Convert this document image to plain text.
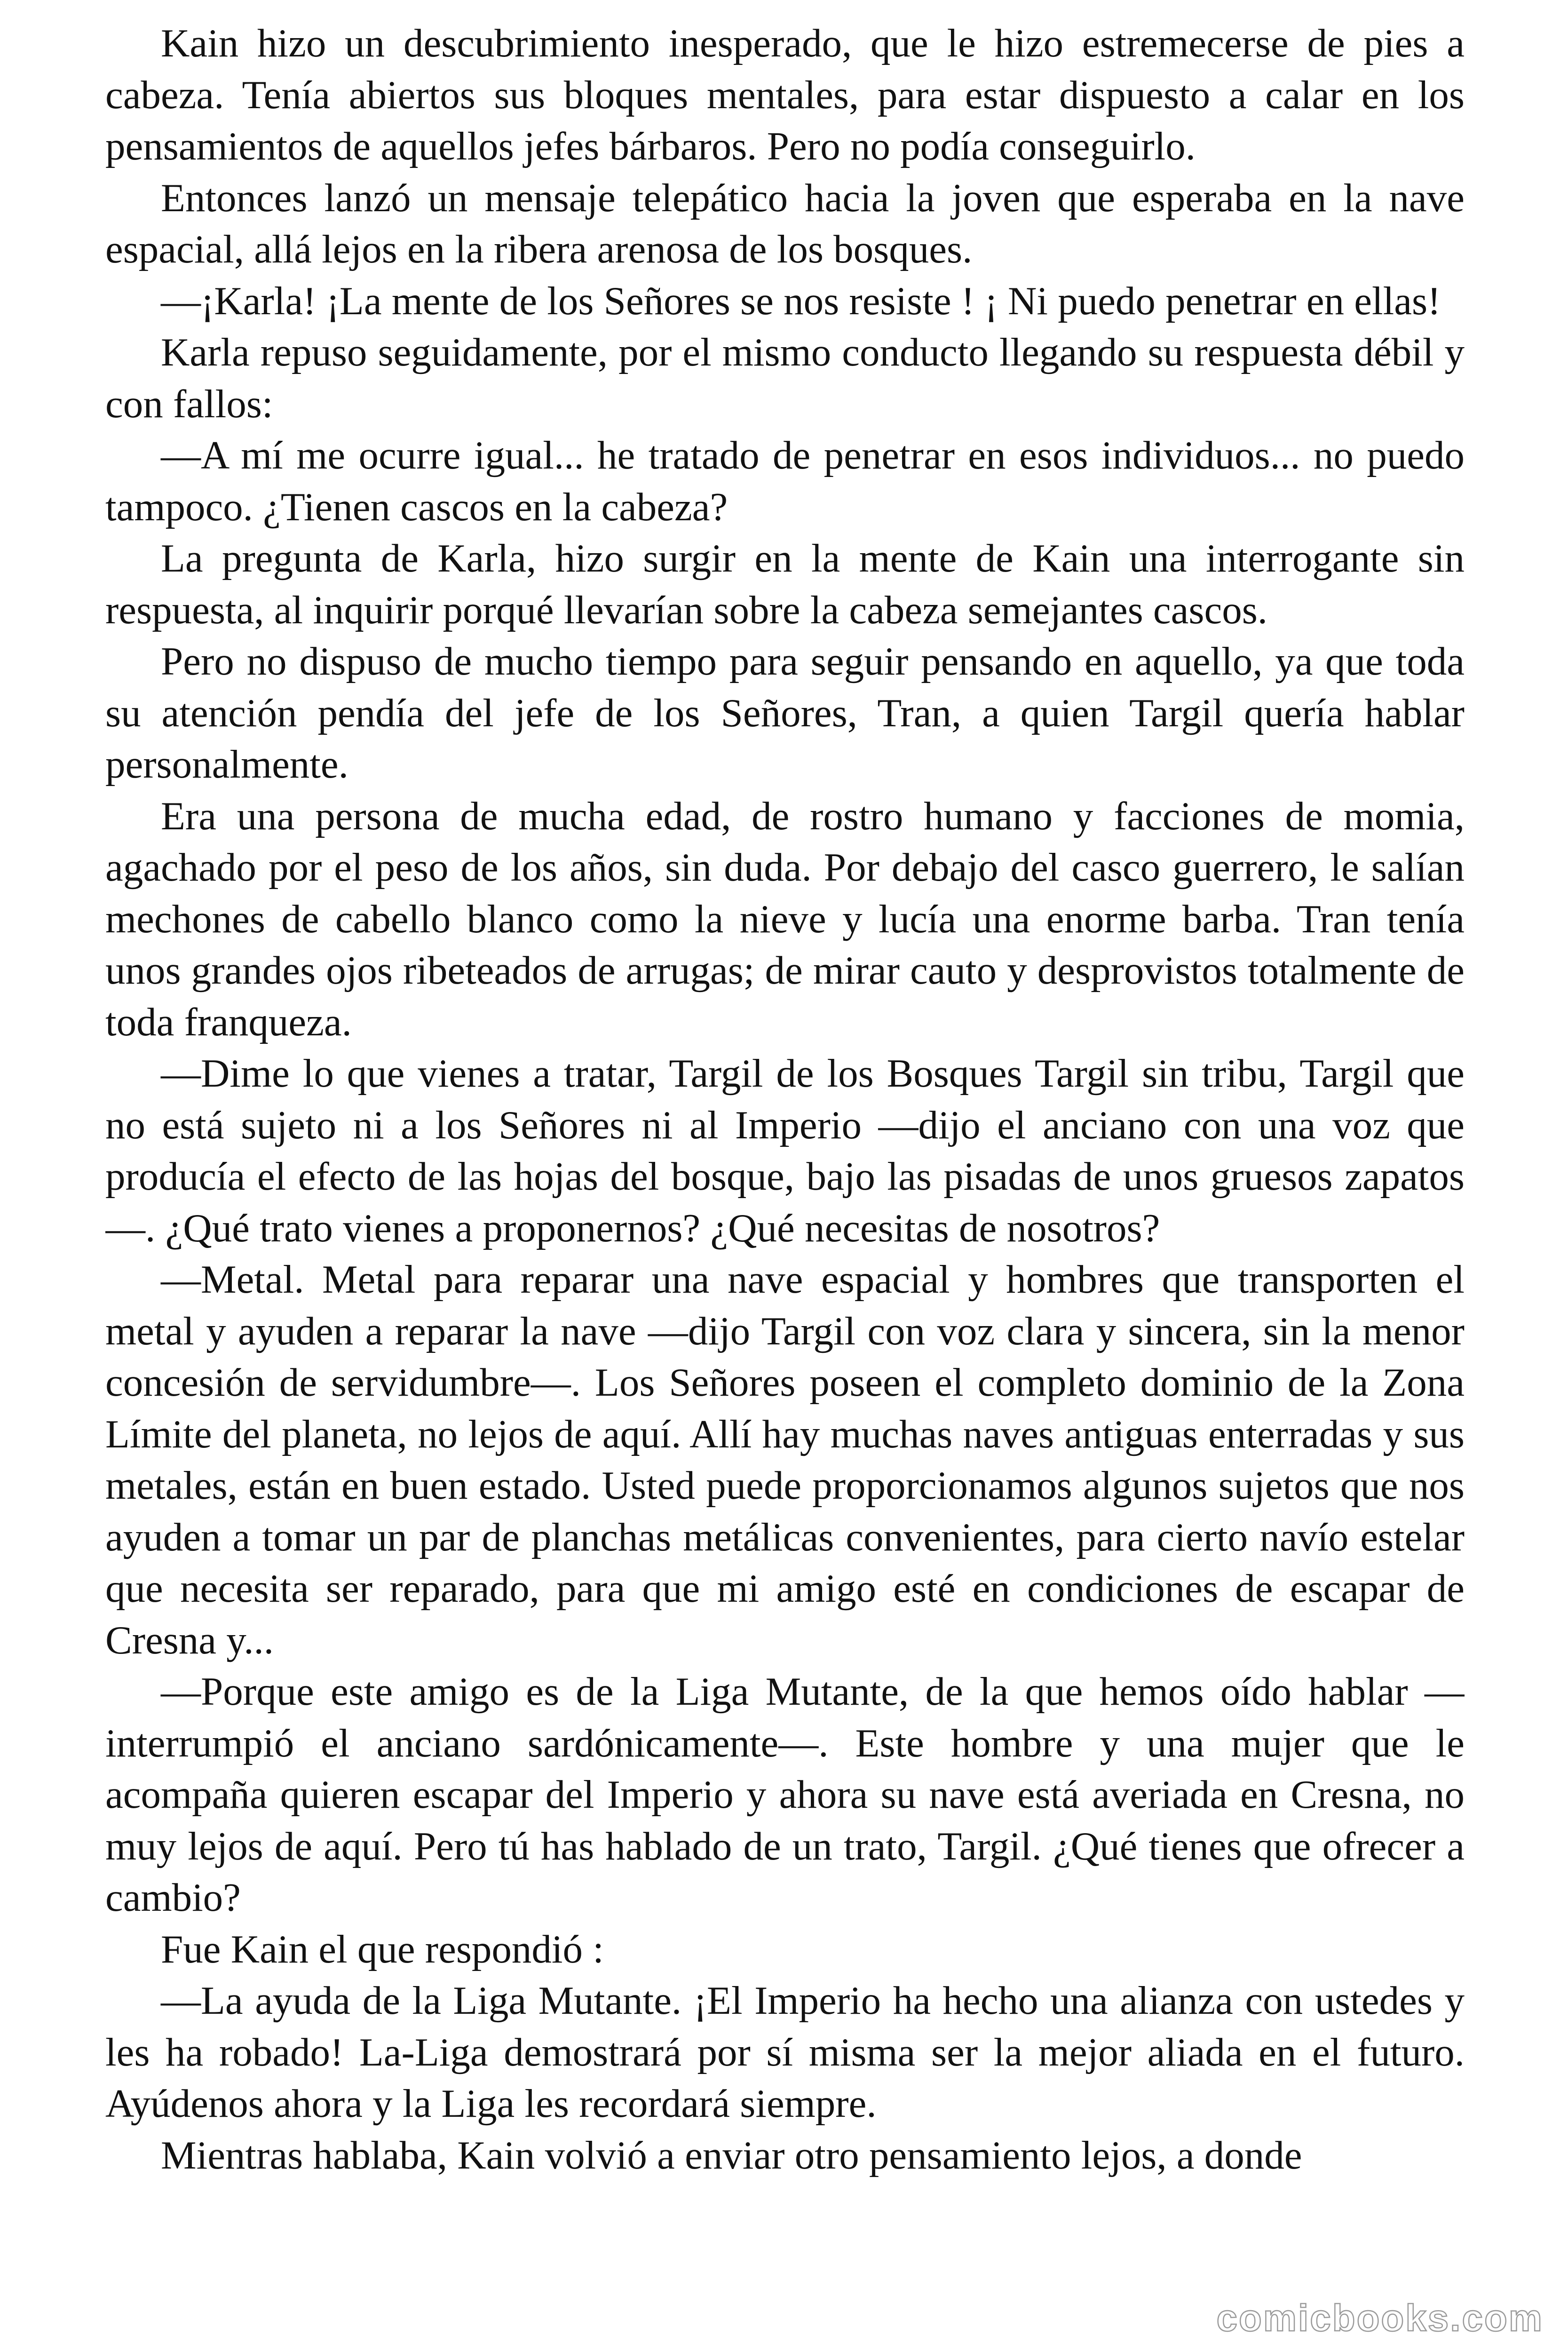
Kain hizo un descubrimiento inesperado, que le hizo estremecerse de pies a cabeza. Tenía abiertos sus bloques mentales, para estar dispuesto a calar en los pensamientos de aquellos jefes bárbaros. Pero no podía conseguirlo.

Entonces lanzó un mensaje telepático hacia la joven que esperaba en la nave espacial, allá lejos en la ribera arenosa de los bosques.

—¡Karla! ¡La mente de los Señores se nos resiste ! ¡ Ni puedo penetrar en ellas!

Karla repuso seguidamente, por el mismo conducto llegando su respuesta débil y con fallos:

—A mí me ocurre igual... he tratado de penetrar en esos individuos... no puedo tampoco. ¿Tienen cascos en la cabeza?

La pregunta de Karla, hizo surgir en la mente de Kain una interrogante sin respuesta, al inquirir porqué llevarían sobre la cabeza semejantes cascos.

Pero no dispuso de mucho tiempo para seguir pensando en aquello, ya que toda su atención pendía del jefe de los Señores, Tran, a quien Targil quería hablar personalmente.

Era una persona de mucha edad, de rostro humano y facciones de momia, agachado por el peso de los años, sin duda. Por debajo del casco guerrero, le salían mechones de cabello blanco como la nieve y lucía una enorme barba. Tran tenía unos grandes ojos ribeteados de arrugas; de mirar cauto y desprovistos totalmente de toda franqueza.

—Dime lo que vienes a tratar, Targil de los Bosques Targil sin tribu, Targil que no está sujeto ni a los Señores ni al Imperio —dijo el anciano con una voz que producía el efecto de las hojas del bosque, bajo las pisadas de unos gruesos zapatos—. ¿Qué trato vienes a proponernos? ¿Qué necesitas de nosotros?

—Metal. Metal para reparar una nave espacial y hombres que transporten el metal y ayuden a reparar la nave —dijo Targil con voz clara y sincera, sin la menor concesión de servidumbre—. Los Señores poseen el completo dominio de la Zona Límite del planeta, no lejos de aquí. Allí hay muchas naves antiguas enterradas y sus metales, están en buen estado. Usted puede proporcionamos algunos sujetos que nos ayuden a tomar un par de planchas metálicas convenientes, para cierto navío estelar que necesita ser reparado, para que mi amigo esté en condiciones de escapar de Cresna y...

—Porque este amigo es de la Liga Mutante, de la que hemos oído hablar —interrumpió el anciano sardónicamente—. Este hombre y una mujer que le acompaña quieren escapar del Imperio y ahora su nave está averiada en Cresna, no muy lejos de aquí. Pero tú has hablado de un trato, Targil. ¿Qué tienes que ofrecer a cambio?

Fue Kain el que respondió :

—La ayuda de la Liga Mutante. ¡El Imperio ha hecho una alianza con ustedes y les ha robado! La-Liga demostrará por sí misma ser la mejor aliada en el futuro. Ayúdenos ahora y la Liga les recordará siempre.

Mientras hablaba, Kain volvió a enviar otro pensamiento lejos, a donde

comicbooks.com
